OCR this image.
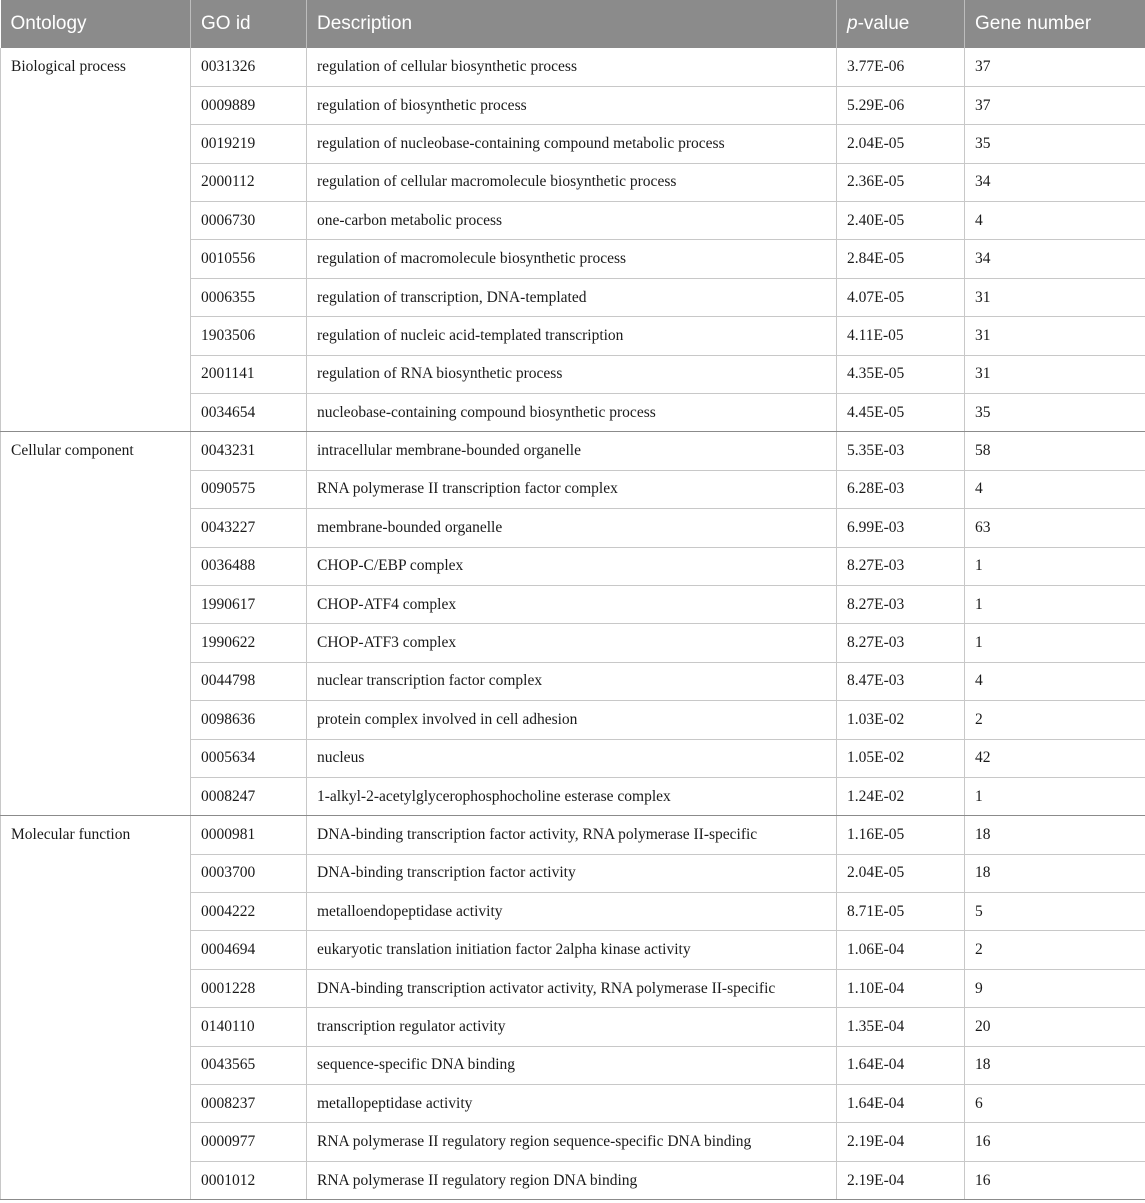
Ontology	GO id	Description	p-value	Gene number
Biological process	0031326	regulation of cellular biosynthetic process	3.77E-06	37
	0009889	regulation of biosynthetic process	5.29E-06	37
	0019219	regulation of nucleobase-containing compound metabolic process	2.04E-05	35
	2000112	regulation of cellular macromolecule biosynthetic process	2.36E-05	34
	0006730	one-carbon metabolic process	2.40E-05	4
	0010556	regulation of macromolecule biosynthetic process	2.84E-05	34
	0006355	regulation of transcription, DNA-templated	4.07E-05	31
	1903506	regulation of nucleic acid-templated transcription	4.11E-05	31
	2001141	regulation of RNA biosynthetic process	4.35E-05	31
	0034654	nucleobase-containing compound biosynthetic process	4.45E-05	35
Cellular component	0043231	intracellular membrane-bounded organelle	5.35E-03	58
	0090575	RNA polymerase II transcription factor complex	6.28E-03	4
	0043227	membrane-bounded organelle	6.99E-03	63
	0036488	CHOP-C/EBP complex	8.27E-03	1
	1990617	CHOP-ATF4 complex	8.27E-03	1
	1990622	CHOP-ATF3 complex	8.27E-03	1
	0044798	nuclear transcription factor complex	8.47E-03	4
	0098636	protein complex involved in cell adhesion	1.03E-02	2
	0005634	nucleus	1.05E-02	42
	0008247	1-alkyl-2-acetylglycerophosphocholine esterase complex	1.24E-02	1
Molecular function	0000981	DNA-binding transcription factor activity, RNA polymerase II-specific	1.16E-05	18
	0003700	DNA-binding transcription factor activity	2.04E-05	18
	0004222	metalloendopeptidase activity	8.71E-05	5
	0004694	eukaryotic translation initiation factor 2alpha kinase activity	1.06E-04	2
	0001228	DNA-binding transcription activator activity, RNA polymerase II-specific	1.10E-04	9
	0140110	transcription regulator activity	1.35E-04	20
	0043565	sequence-specific DNA binding	1.64E-04	18
	0008237	metallopeptidase activity	1.64E-04	6
	0000977	RNA polymerase II regulatory region sequence-specific DNA binding	2.19E-04	16
	0001012	RNA polymerase II regulatory region DNA binding	2.19E-04	16
